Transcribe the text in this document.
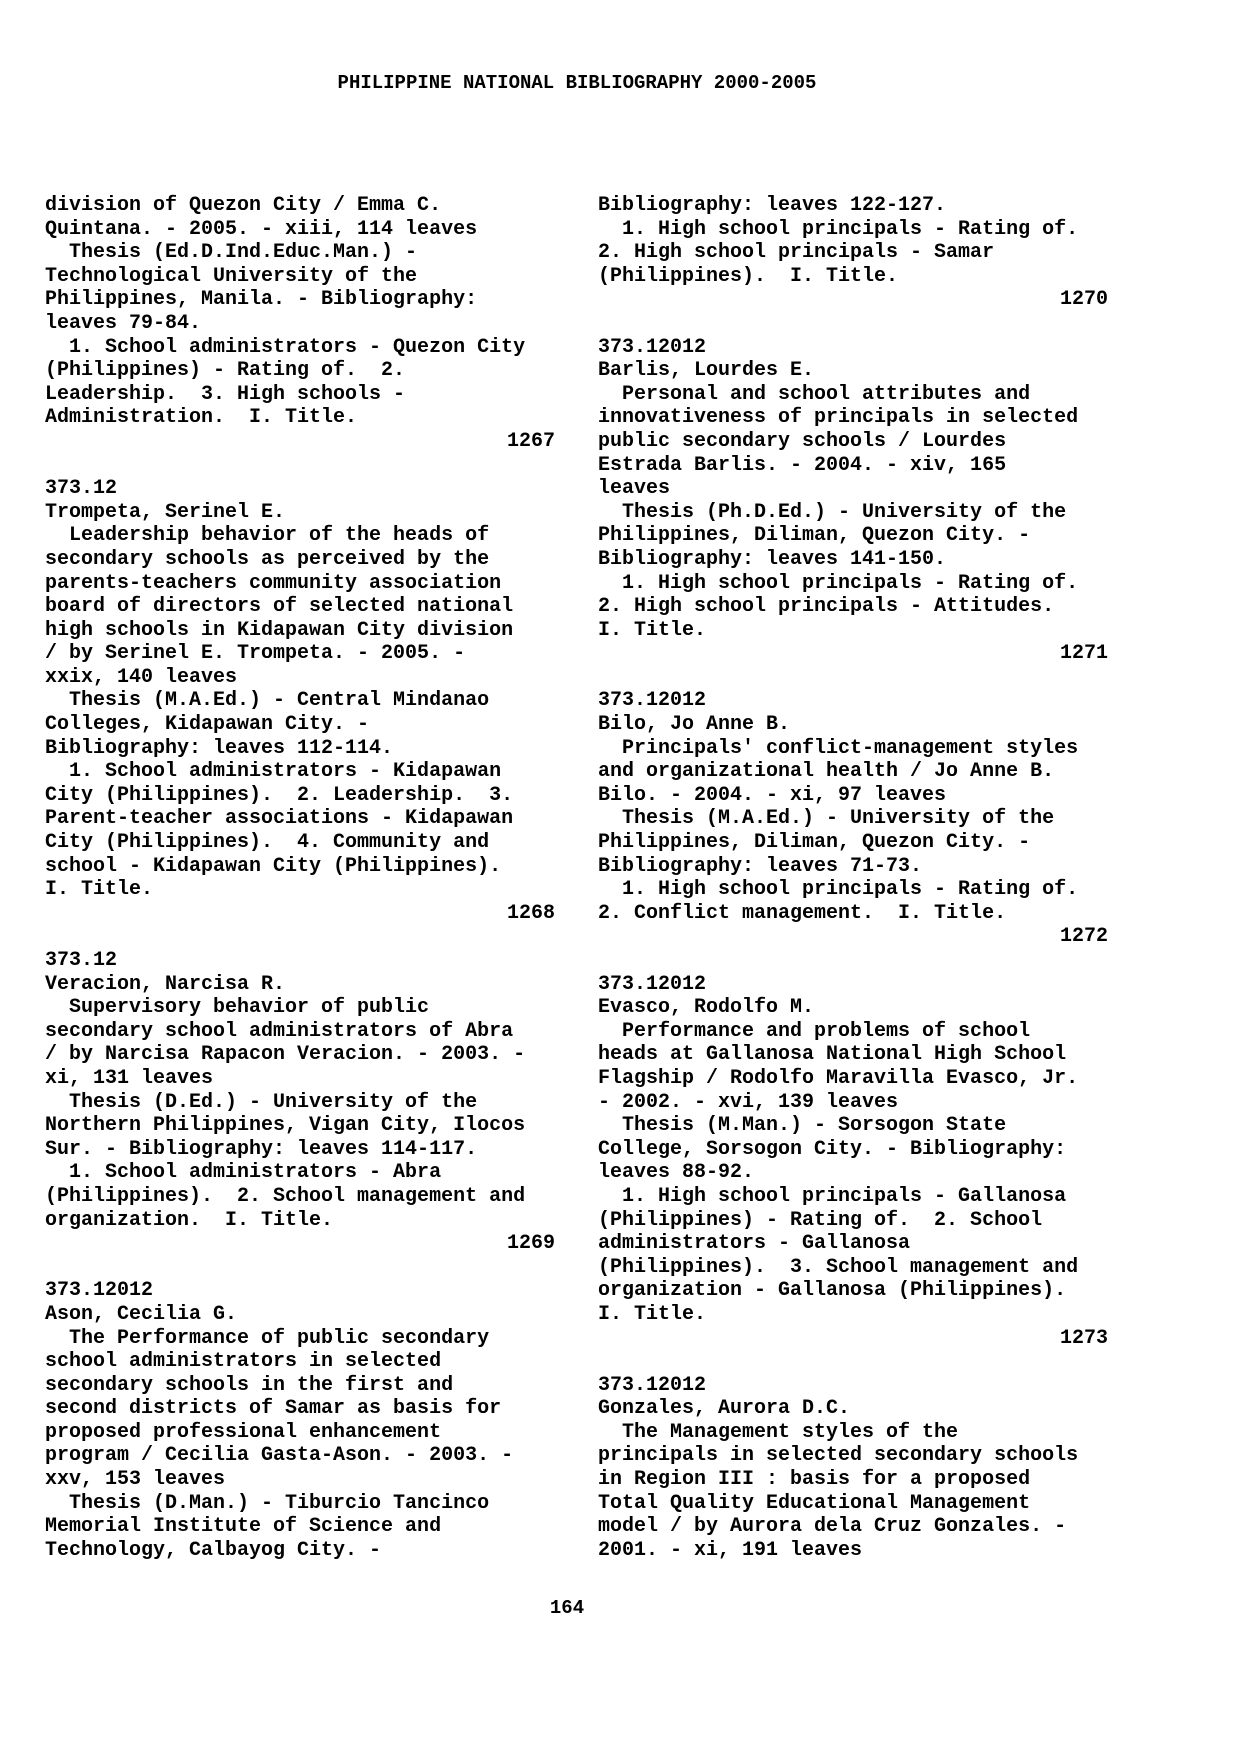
PHILIPPINE NATIONAL BIBLIOGRAPHY 2000-2005
division of Quezon City / Emma C.
Quintana. - 2005. - xiii, 114 leaves
Thesis (Ed.D.Ind.Educ.Man.) -
Technological University of the
Philippines, Manila. - Bibliography:
leaves 79-84.
1. School administrators - Quezon City
(Philippines) - Rating of.  2.
Leadership.  3. High schools -
Administration.  I. Title.
1267
373.12
Trompeta, Serinel E.
Leadership behavior of the heads of
secondary schools as perceived by the
parents-teachers community association
board of directors of selected national
high schools in Kidapawan City division
/ by Serinel E. Trompeta. - 2005. -
xxix, 140 leaves
Thesis (M.A.Ed.) - Central Mindanao
Colleges, Kidapawan City. -
Bibliography: leaves 112-114.
1. School administrators - Kidapawan
City (Philippines).  2. Leadership.  3.
Parent-teacher associations - Kidapawan
City (Philippines).  4. Community and
school - Kidapawan City (Philippines).
I. Title.
1268
373.12
Veracion, Narcisa R.
Supervisory behavior of public
secondary school administrators of Abra
/ by Narcisa Rapacon Veracion. - 2003. -
xi, 131 leaves
Thesis (D.Ed.) - University of the
Northern Philippines, Vigan City, Ilocos
Sur. - Bibliography: leaves 114-117.
1. School administrators - Abra
(Philippines).  2. School management and
organization.  I. Title.
1269
373.12012
Ason, Cecilia G.
The Performance of public secondary
school administrators in selected
secondary schools in the first and
second districts of Samar as basis for
proposed professional enhancement
program / Cecilia Gasta-Ason. - 2003. -
xxv, 153 leaves
Thesis (D.Man.) - Tiburcio Tancinco
Memorial Institute of Science and
Technology, Calbayog City. -
Bibliography: leaves 122-127.
1. High school principals - Rating of.
2. High school principals - Samar
(Philippines).  I. Title.
1270
373.12012
Barlis, Lourdes E.
Personal and school attributes and
innovativeness of principals in selected
public secondary schools / Lourdes
Estrada Barlis. - 2004. - xiv, 165
leaves
Thesis (Ph.D.Ed.) - University of the
Philippines, Diliman, Quezon City. -
Bibliography: leaves 141-150.
1. High school principals - Rating of.
2. High school principals - Attitudes.
I. Title.
1271
373.12012
Bilo, Jo Anne B.
Principals' conflict-management styles
and organizational health / Jo Anne B.
Bilo. - 2004. - xi, 97 leaves
Thesis (M.A.Ed.) - University of the
Philippines, Diliman, Quezon City. -
Bibliography: leaves 71-73.
1. High school principals - Rating of.
2. Conflict management.  I. Title.
1272
373.12012
Evasco, Rodolfo M.
Performance and problems of school
heads at Gallanosa National High School
Flagship / Rodolfo Maravilla Evasco, Jr.
- 2002. - xvi, 139 leaves
Thesis (M.Man.) - Sorsogon State
College, Sorsogon City. - Bibliography:
leaves 88-92.
1. High school principals - Gallanosa
(Philippines) - Rating of.  2. School
administrators - Gallanosa
(Philippines).  3. School management and
organization - Gallanosa (Philippines).
I. Title.
1273
373.12012
Gonzales, Aurora D.C.
The Management styles of the
principals in selected secondary schools
in Region III : basis for a proposed
Total Quality Educational Management
model / by Aurora dela Cruz Gonzales. -
2001. - xi, 191 leaves
164
